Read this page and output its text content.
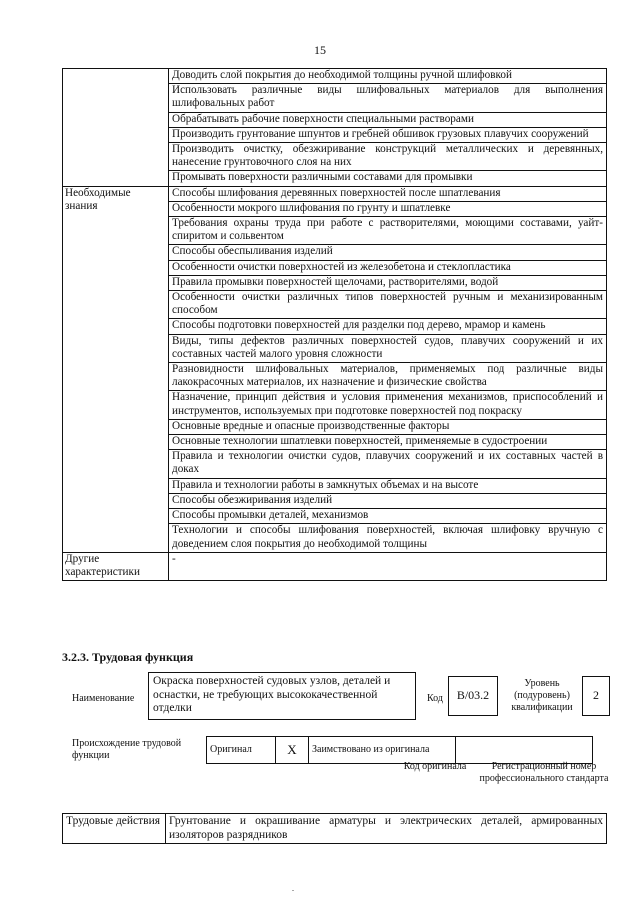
15
	Доводить слой покрытия до необходимой толщины ручной шлифовкой
	Использовать различные виды шлифовальных материалов для выполнения шлифовальных работ
	Обрабатывать рабочие поверхности специальными растворами
	Производить грунтование шпунтов и гребней обшивок грузовых плавучих сооружений
	Производить очистку, обезжиривание конструкций металлических и деревянных, нанесение грунтовочного слоя на них
	Промывать поверхности различными составами для промывки
Необходимые знания	Способы шлифования деревянных поверхностей после шпатлевания
	Особенности мокрого шлифования по грунту и шпатлевке
	Требования охраны труда при работе с растворителями, моющими составами, уайт-спиритом и сольвентом
	Способы обеспыливания изделий
	Особенности очистки поверхностей из железобетона и стеклопластика
	Правила промывки поверхностей щелочами, растворителями, водой
	Особенности очистки различных типов поверхностей ручным и механизированным способом
	Способы подготовки поверхностей для разделки под дерево, мрамор и камень
	Виды, типы дефектов различных поверхностей судов, плавучих сооружений и их составных частей малого уровня сложности
	Разновидности шлифовальных материалов, применяемых под различные виды лакокрасочных материалов, их назначение и физические свойства
	Назначение, принцип действия и условия применения механизмов, приспособлений и инструментов, используемых при подготовке поверхностей под покраску
	Основные вредные и опасные производственные факторы
	Основные технологии шпатлевки поверхностей, применяемые в судостроении
	Правила и технологии очистки судов, плавучих сооружений и их составных частей в доках
	Правила и технологии работы в замкнутых объемах и на высоте
	Способы обезжиривания изделий
	Способы промывки деталей, механизмов
	Технологии и способы шлифования поверхностей, включая шлифовку вручную с доведением слоя покрытия до необходимой толщины
Другие характеристики	-
3.2.3. Трудовая функция
Наименование
Окраска поверхностей судовых узлов, деталей и оснастки, не требующих высококачественной отделки
Код	B/03.2
Уровень (подуровень) квалификации
2
Происхождение трудовой функции
Оригинал	X	Заимствовано из оригинала	
Код оригинала	Регистрационный номер профессионального стандарта
Трудовые действия	Грунтование и окрашивание арматуры и электрических деталей, армированных изоляторов разрядников
.
